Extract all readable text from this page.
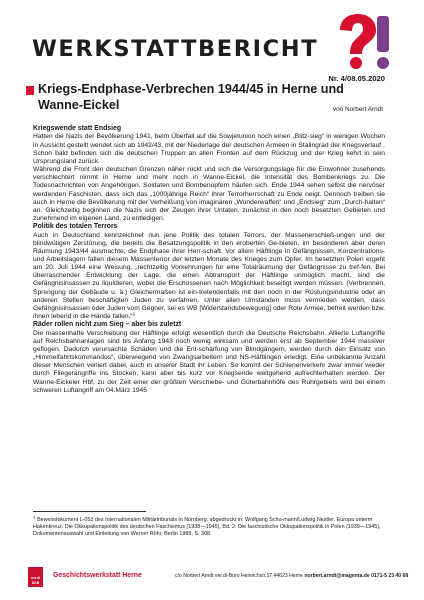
WERKSTATTBERICHT
Nr. 4/08.05.2020
Kriegs-Endphase-Verbrechen 1944/45 in Herne und
Wanne-Eickel	von Norbert Arndt
Kriegswende statt Endsieg

Hatten die Nazis der Bevölkerung 1941, beim Überfall auf die Sowjetunion noch einen „Blitz-sieg“ in wenigen Wochen in Aussicht gestellt wendet sich ab 1942/43, mit der Niederlage der deutschen Armeen in Stalingrad der Kriegsverlauf . Schon bald befinden sich die deutschen Truppen an allen Fronten auf dem Rückzug und der Krieg kehrt in sein Ursprungsland zurück.

Während die Front den deutschen Grenzen näher rückt und sich die Versorgungslage für die Einwohner zusehends verschlechtert nimmt in Herne und mehr noch in Wanne-Eickel, die Intensität des Bombenkriegs zu. Die Todesnachrichten von Angehörigen, Soldaten und Bombenopfern häufen sich. Ende 1944 sehen selbst die nervöser werdenden Faschisten, dass sich das „1000jährige Reich“ ihrer Terrorherrschaft zu Ende neigt. Dennoch treiben sie auch in Herne die Bevölkerung mit der Verheißung von imaginären „Wunderwaffen“ und „Endsieg“ zum „Durch-halten“ an. Gleichzeitig beginnen die Nazis sich der Zeugen ihrer Untaten, zunächst in den noch besetzten Gebieten und zunehmend im eigenen Land, zu entledigen.

Politik des totalen Terrors

Auch in Deutschland kennzeichnet nun jene Politik des totalen Terrors, der Massenerschieß-ungen und der blindwütigen Zerstörung, die bereits die Besatzungspolitik in den eroberten Ge-bieten, im besonderen aber deren Räumung 1943/44 ausmachte, die Endphase ihrer Herr-schaft. Vor allem Häftlinge in Gefängnissen, Konzentrations- und Arbeitslagern fallen diesem Massenterror der letzten Monate des Krieges zum Opfer. Im besetzten Polen ergeht am 20. Juli 1944 eine Weisung, „rechtzeitig Vorkehrungen für eine Totalräumung der Gefängnisse zu tref-fen. Bei überraschender Entwicklung der Lage, die einen Abtransport der Häftlinge unmöglich macht, sind die Gefängnisinsassen zu liquidieren, wobei die Erschossenen nach Möglichkeit beseitigt werden müssen. (Verbrennen, Sprengung der Gebäude u. ä.) Gleichermaßen ist ein-tretendenfalls mit den noch in der Rüstungsindustrie oder an anderen Stellen beschäftigten Juden zu verfahren. Unter allen Umständen muss vermieden werden, dass Gefängnisinsassen oder Juden vom Gegner, sei es WB [Widerstandsbewegung] oder Rote Armee, befreit werden bzw. ihnen lebend in die Hände fallen.“$^1$

Räder rollen nicht zum Sieg – aber bis zuletzt

Die massenhafte Verschiebung der Häftlinge erfolgt wesentlich durch die Deutsche Reichsbahn. Allierte Luftangriffe auf Reichsbahnanlagen sind bis Anfang 1943 noch wenig wirksam und werden erst ab September 1944 massiver geflogen. Dadurch verursachte Schäden und die Ent-schärfung von Blindgängern, werden durch den Einsatz von „Himmelfahrtskommandos“, überwiegend von Zwangsarbeitern und NS-Häftlingen erledigt. Eine unbekannte Anzahl dieser Menschen verliert dabei, auch in unserer Stadt ihr Leben. So kommt der Schienenverkehr zwar immer wieder durch Fliegerangriffe ins Stocken, kann aber bis kurz vor Kriegsende weitgehend aufrechterhalten werden. Der Wanne-Eickeler Hbf, zu der Zeit einer der größten Verschiebe- und Güterbahnhöfe des Ruhrgebiets wird bei einem schweren Luftangriff am 04.März 1945

$^1$ Beweisdokument L-053 des Internationalen Militärtribunals in Nürnberg, abgedruckt in: Wolfgang Schu-mann/Ludwig Nestler, Europa unterm Hakenkreuz. Die Okkupationspolitik des deutschen Faschismus (1938—1945), Bd. 2: Die faschistische Okkupationspolitik in Polen (1939—1945), Dokumentenauswahl und Einleitung von Werner Röhr, Berlin 1989, S. 308.

ver.di
DGB
Geschichtswerkstatt Herne	c/o Norbert Arndt ver.di-Büro Heinrichstr.17 44623 Herne norbert.arndt@magenta.de 0171-5 23 40 68
